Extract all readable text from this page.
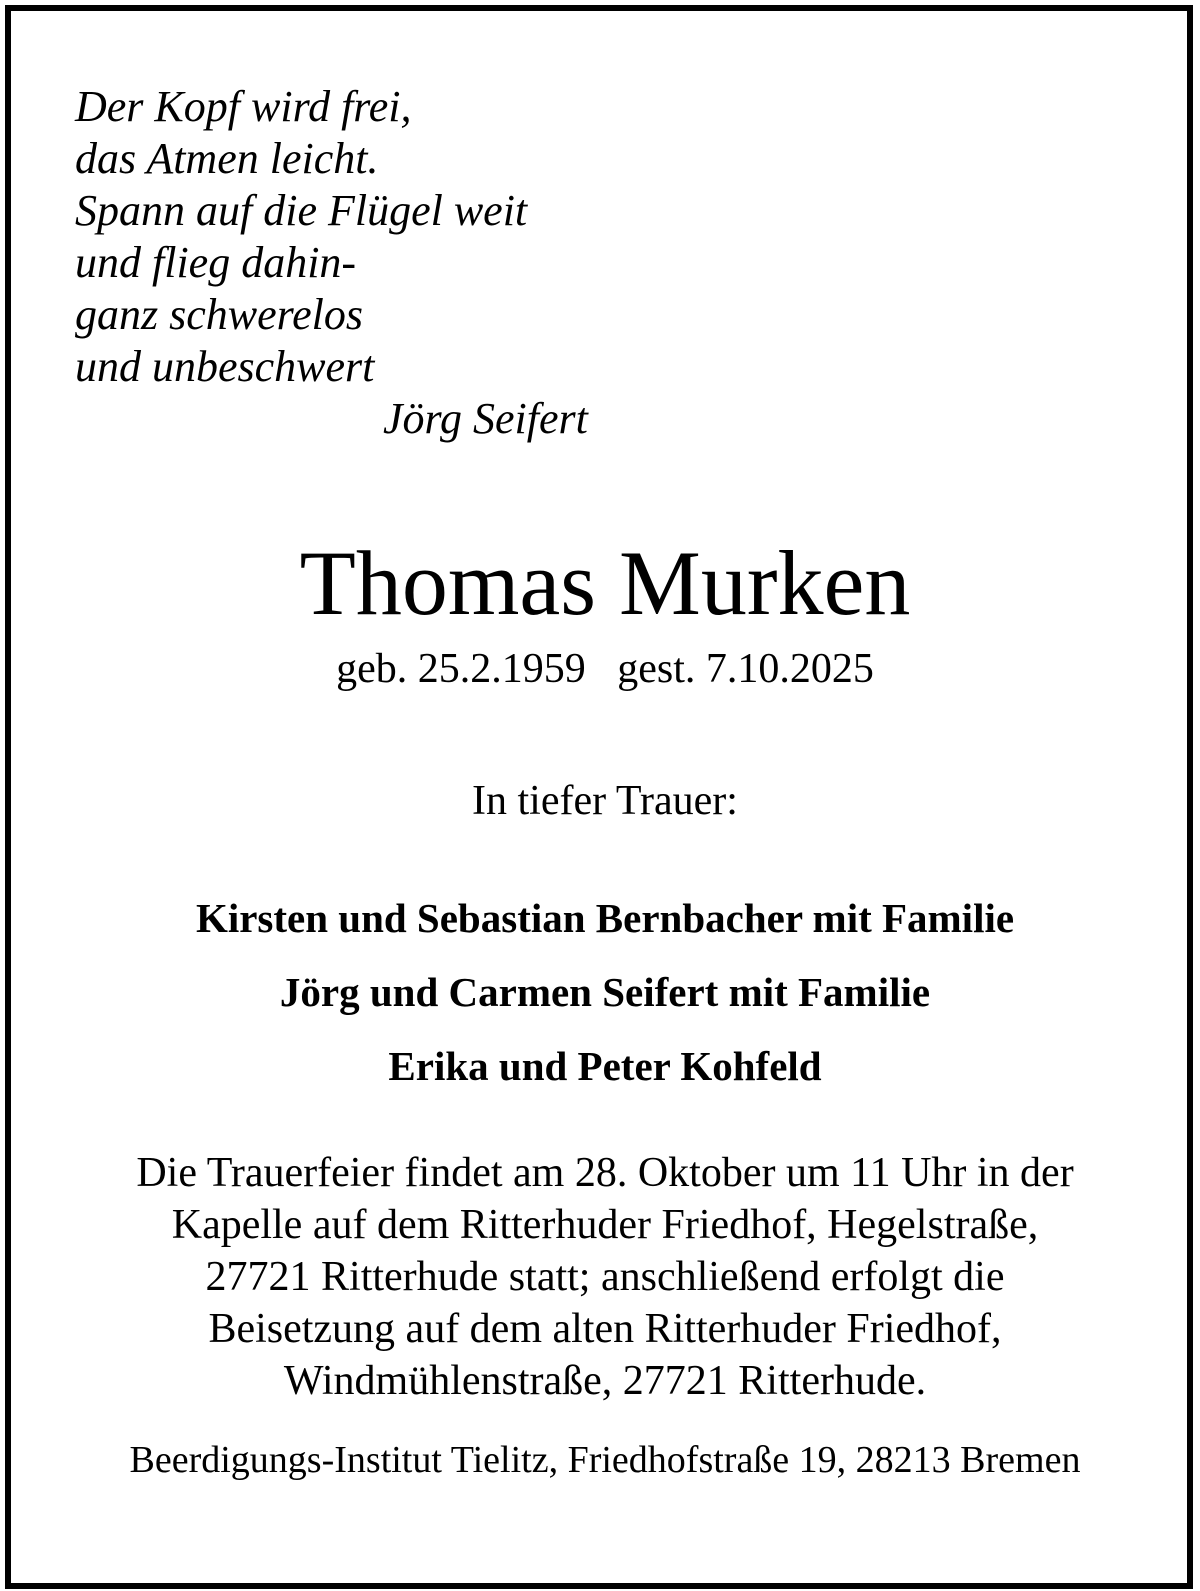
Der Kopf wird frei,
das Atmen leicht.
Spann auf die Flügel weit
und flieg dahin-
ganz schwerelos
und unbeschwert
Jörg Seifert
Thomas Murken
geb. 25.2.1959   gest. 7.10.2025
In tiefer Trauer:
Kirsten und Sebastian Bernbacher mit Familie
Jörg und Carmen Seifert mit Familie
Erika und Peter Kohfeld
Die Trauerfeier findet am 28. Oktober um 11 Uhr in der
Kapelle auf dem Ritterhuder Friedhof, Hegelstraße,
27721 Ritterhude statt; anschließend erfolgt die
Beisetzung auf dem alten Ritterhuder Friedhof,
Windmühlenstraße, 27721 Ritterhude.
Beerdigungs-Institut Tielitz, Friedhofstraße 19, 28213 Bremen
